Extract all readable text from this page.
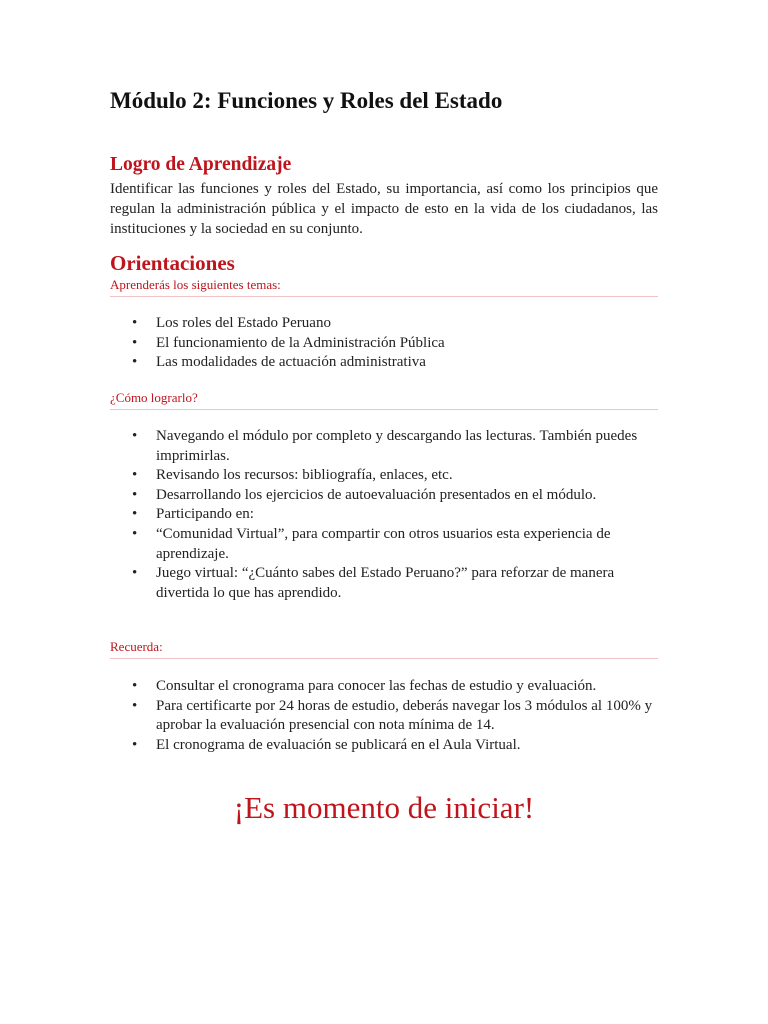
Módulo 2: Funciones y Roles del Estado
Logro de Aprendizaje

Identificar las funciones y roles del Estado, su importancia, así como los principios que regulan la administración pública y el impacto de esto en la vida de los ciudadanos, las instituciones y la sociedad en su conjunto.

Orientaciones
Aprenderás los siguientes temas:
• Los roles del Estado Peruano
• El funcionamiento de la Administración Pública
• Las modalidades de actuación administrativa
¿Cómo lograrlo?
• Navegando el módulo por completo y descargando las lecturas. También puedes imprimirlas.
• Revisando los recursos: bibliografía, enlaces, etc.
• Desarrollando los ejercicios de autoevaluación presentados en el módulo.
• Participando en:
• “Comunidad Virtual”, para compartir con otros usuarios esta experiencia de aprendizaje.
• Juego virtual: “¿Cuánto sabes del Estado Peruano?” para reforzar de manera divertida lo que has aprendido.
Recuerda:
• Consultar el cronograma para conocer las fechas de estudio y evaluación.
• Para certificarte por 24 horas de estudio, deberás navegar los 3 módulos al 100% y aprobar la evaluación presencial con nota mínima de 14.
• El cronograma de evaluación se publicará en el Aula Virtual.

¡Es momento de iniciar!
